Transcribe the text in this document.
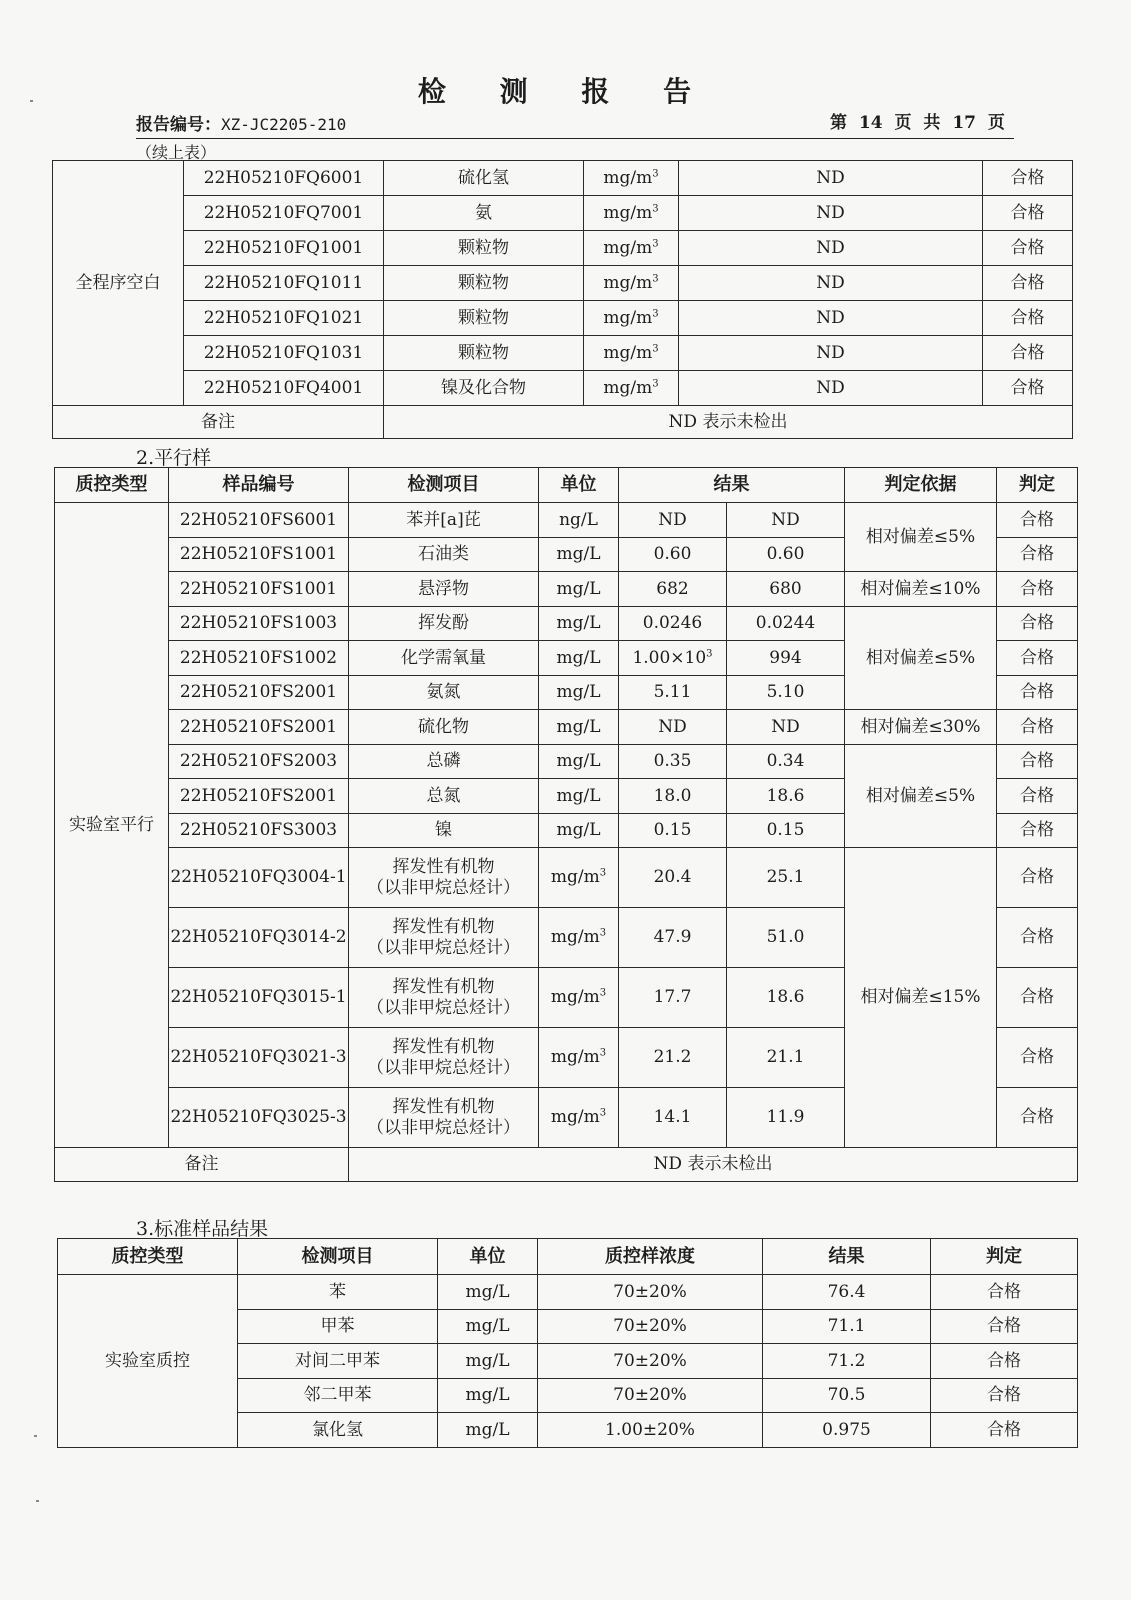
检 测 报 告
报告编号：XZ-JC2205-210	第 14 页 共 17 页
（续上表）
全程序空白	22H05210FQ6001	硫化氢	$mg/m^3$	ND	合格
	22H05210FQ7001	氨	$mg/m^3$	ND	合格
	22H05210FQ1001	颗粒物	$mg/m^3$	ND	合格
	22H05210FQ1011	颗粒物	$mg/m^3$	ND	合格
	22H05210FQ1021	颗粒物	$mg/m^3$	ND	合格
	22H05210FQ1031	颗粒物	$mg/m^3$	ND	合格
	22H05210FQ4001	镍及化合物	$mg/m^3$	ND	合格
备注		ND 表示未检出			
2.平行样
质控类型	样品编号	检测项目	单位	结果		判定依据	判定
实验室平行	22H05210FS6001	苯并[a]芘	ng/L	ND	ND	相对偏差≤5%	合格
	22H05210FS1001	石油类	mg/L	0.60	0.60		合格
	22H05210FS1001	悬浮物	mg/L	682	680	相对偏差≤10%	合格
	22H05210FS1003	挥发酚	mg/L	0.0246	0.0244	相对偏差≤5%	合格
	22H05210FS1002	化学需氧量	mg/L	$1.00\times 10^3$	994		合格
	22H05210FS2001	氨氮	mg/L	5.11	5.10		合格
	22H05210FS2001	硫化物	mg/L	ND	ND	相对偏差≤30%	合格
	22H05210FS2003	总磷	mg/L	0.35	0.34	相对偏差≤5%	合格
	22H05210FS2001	总氮	mg/L	18.0	18.6		合格
	22H05210FS3003	镍	mg/L	0.15	0.15		合格
	22H05210FQ3004-1	挥发性有机物
（以非甲烷总烃计）	$mg/m^3$	20.4	25.1	相对偏差≤15%	合格
	22H05210FQ3014-2	挥发性有机物
（以非甲烷总烃计）	$mg/m^3$	47.9	51.0		合格
	22H05210FQ3015-1	挥发性有机物
（以非甲烷总烃计）	$mg/m^3$	17.7	18.6		合格
	22H05210FQ3021-3	挥发性有机物
（以非甲烷总烃计）	$mg/m^3$	21.2	21.1		合格
	22H05210FQ3025-3	挥发性有机物
（以非甲烷总烃计）	$mg/m^3$	14.1	11.9		合格
备注		ND 表示未检出					
3.标准样品结果
质控类型	检测项目	单位	质控样浓度	结果	判定
实验室质控	苯	mg/L	70±20%	76.4	合格
	甲苯	mg/L	70±20%	71.1	合格
	对间二甲苯	mg/L	70±20%	71.2	合格
	邻二甲苯	mg/L	70±20%	70.5	合格
	氯化氢	mg/L	1.00±20%	0.975	合格
